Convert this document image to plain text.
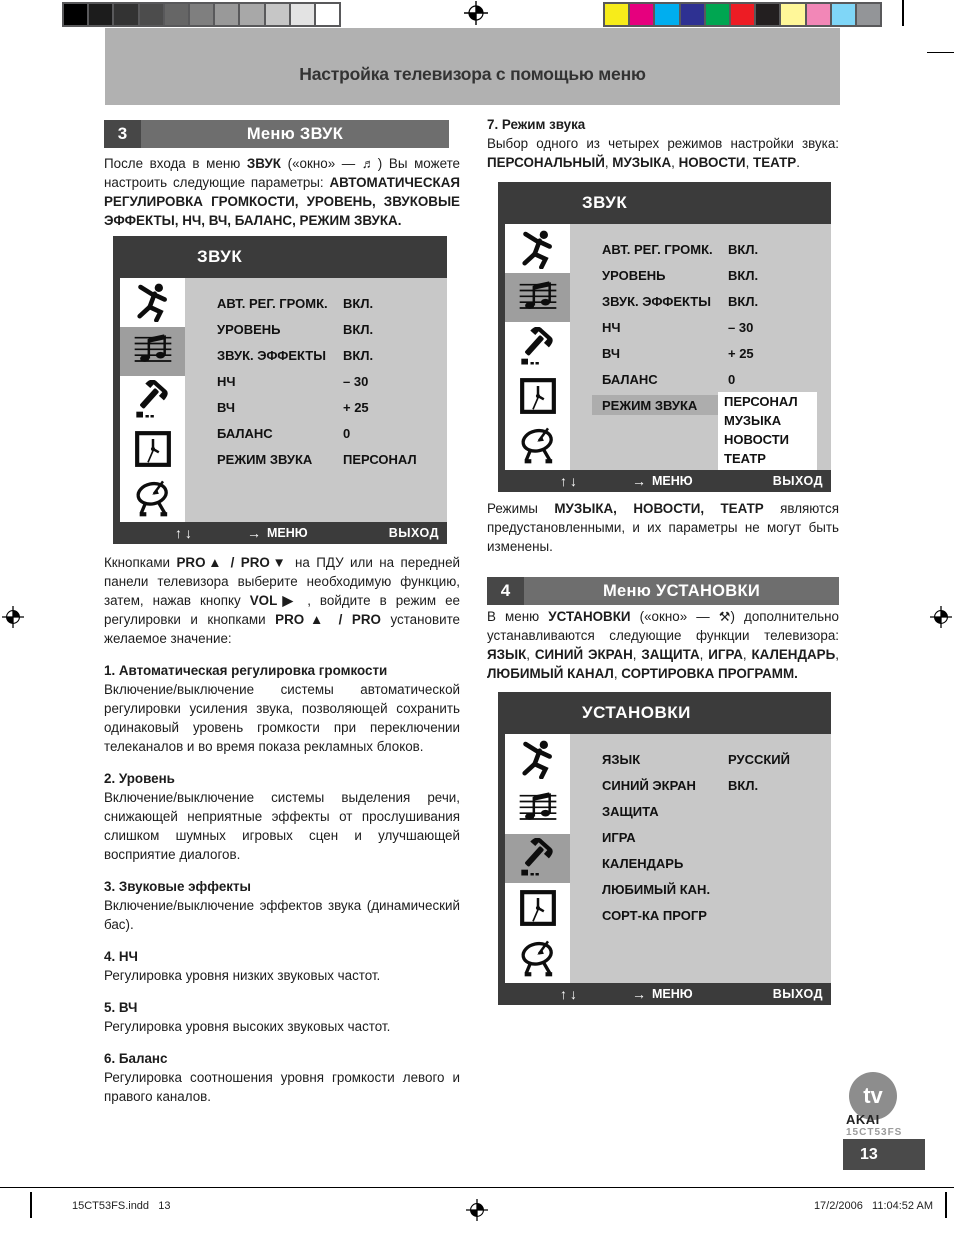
Настройка телевизора с помощью меню
3	Меню ЗВУК
После входа в меню ЗВУК («окно» — ♬) Вы можете настроить следующие параметры: АВТОМАТИЧЕСКАЯ РЕГУЛИРОВКА ГРОМКОСТИ, УРОВЕНЬ, ЗВУКОВЫЕ ЭФФЕКТЫ, НЧ, ВЧ, БАЛАНС, РЕЖИМ ЗВУКА.
ЗВУК
АВТ. РЕГ. ГРОМК.	ВКЛ.
УРОВЕНЬ	ВКЛ.
ЗВУК. ЭФФЕКТЫ	ВКЛ.
НЧ	– 30
ВЧ	+ 25
БАЛАНС	0
РЕЖИМ ЗВУКА	ПЕРСОНАЛ
↑↓	→ МЕНЮ	ВЫХОД
Ккнопками PRO▲ / PRO▼ на ПДУ или на передней панели телевизора выберите необходимую функцию, затем, нажав кнопку VOL▶ , войдите в режим ее регулировки и кнопками PRO▲ / PRO установите желаемое значение:
1. Автоматическая регулировка громкости
Включение/выключение системы автоматической регулировки усиления звука, позволяющей сохранить одинаковый уровень громкости при переключении телеканалов и во время показа рекламных блоков.
2. Уровень
Включение/выключение системы выделения речи, снижающей неприятные эффекты от прослушивания слишком шумных игровых сцен и улучшающей восприятие диалогов.
3. Звуковые эффекты
Включение/выключение эффектов звука (динамический бас).
4. НЧ
Регулировка уровня низких звуковых частот.
5. ВЧ
Регулировка уровня высоких звуковых частот.
6. Баланс
Регулировка соотношения уровня громкости левого и правого каналов.
7. Режим звука
Выбор одного из четырех режимов настройки звука: ПЕРСОНАЛЬНЫЙ, МУЗЫКА, НОВОСТИ, ТЕАТР.
ЗВУК
АВТ. РЕГ. ГРОМК.	ВКЛ.
УРОВЕНЬ	ВКЛ.
ЗВУК. ЭФФЕКТЫ	ВКЛ.
НЧ	– 30
ВЧ	+ 25
БАЛАНС	0
РЕЖИМ ЗВУКА	ПЕРСОНАЛ
МУЗЫКА
НОВОСТИ
ТЕАТР
↑↓	→ МЕНЮ	ВЫХОД
Режимы МУЗЫКА, НОВОСТИ, ТЕАТР являются предустановленными, и их параметры не могут быть изменены.
4	Меню УСТАНОВКИ
В меню УСТАНОВКИ («окно» — ⚒) дополнительно устанавливаются следующие функции телевизора: ЯЗЫК, СИНИЙ ЭКРАН, ЗАЩИТА, ИГРА, КАЛЕНДАРЬ, ЛЮБИМЫЙ КАНАЛ, СОРТИРОВКА ПРОГРАММ.
УСТАНОВКИ
ЯЗЫК	РУССКИЙ
СИНИЙ ЭКРАН	ВКЛ.
ЗАЩИТА
ИГРА
КАЛЕНДАРЬ
ЛЮБИМЫЙ КАН.
СОРТ-КА ПРОГР
↑↓	→ МЕНЮ	ВЫХОД
tv
AKAI
15CT53FS
13
15CT53FS.indd   13	17/2/2006   11:04:52 AM
